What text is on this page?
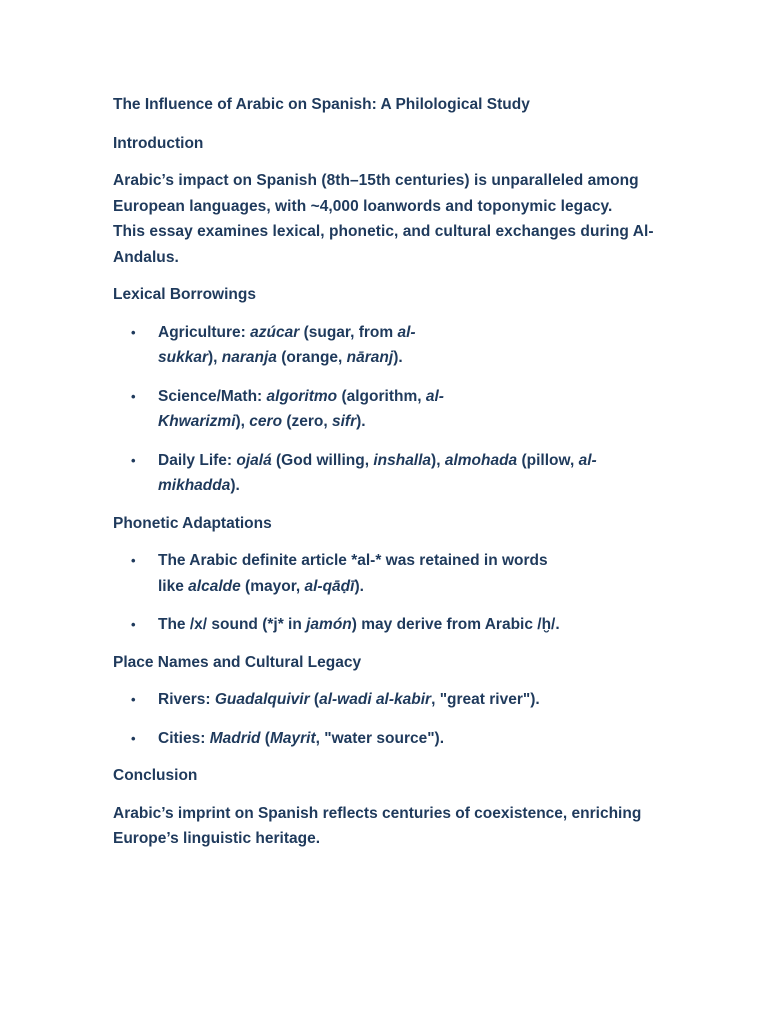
The Influence of Arabic on Spanish: A Philological Study

Introduction

Arabic’s impact on Spanish (8th–15th centuries) is unparalleled among
European languages, with ~4,000 loanwords and toponymic legacy.
This essay examines lexical, phonetic, and cultural exchanges during Al-
Andalus.

Lexical Borrowings

• Agriculture: azúcar (sugar, from al-
sukkar), naranja (orange, nāranj).
• Science/Math: algoritmo (algorithm, al-
Khwarizmi), cero (zero, sifr).
• Daily Life: ojalá (God willing, inshalla), almohada (pillow, al-
mikhadda).

Phonetic Adaptations

• The Arabic definite article *al-* was retained in words
like alcalde (mayor, al-qāḍī).
• The /x/ sound (*j* in jamón) may derive from Arabic /ḫ/.

Place Names and Cultural Legacy

• Rivers: Guadalquivir (al-wadi al-kabir, "great river").
• Cities: Madrid (Mayrit, "water source").

Conclusion

Arabic’s imprint on Spanish reflects centuries of coexistence, enriching
Europe’s linguistic heritage.
